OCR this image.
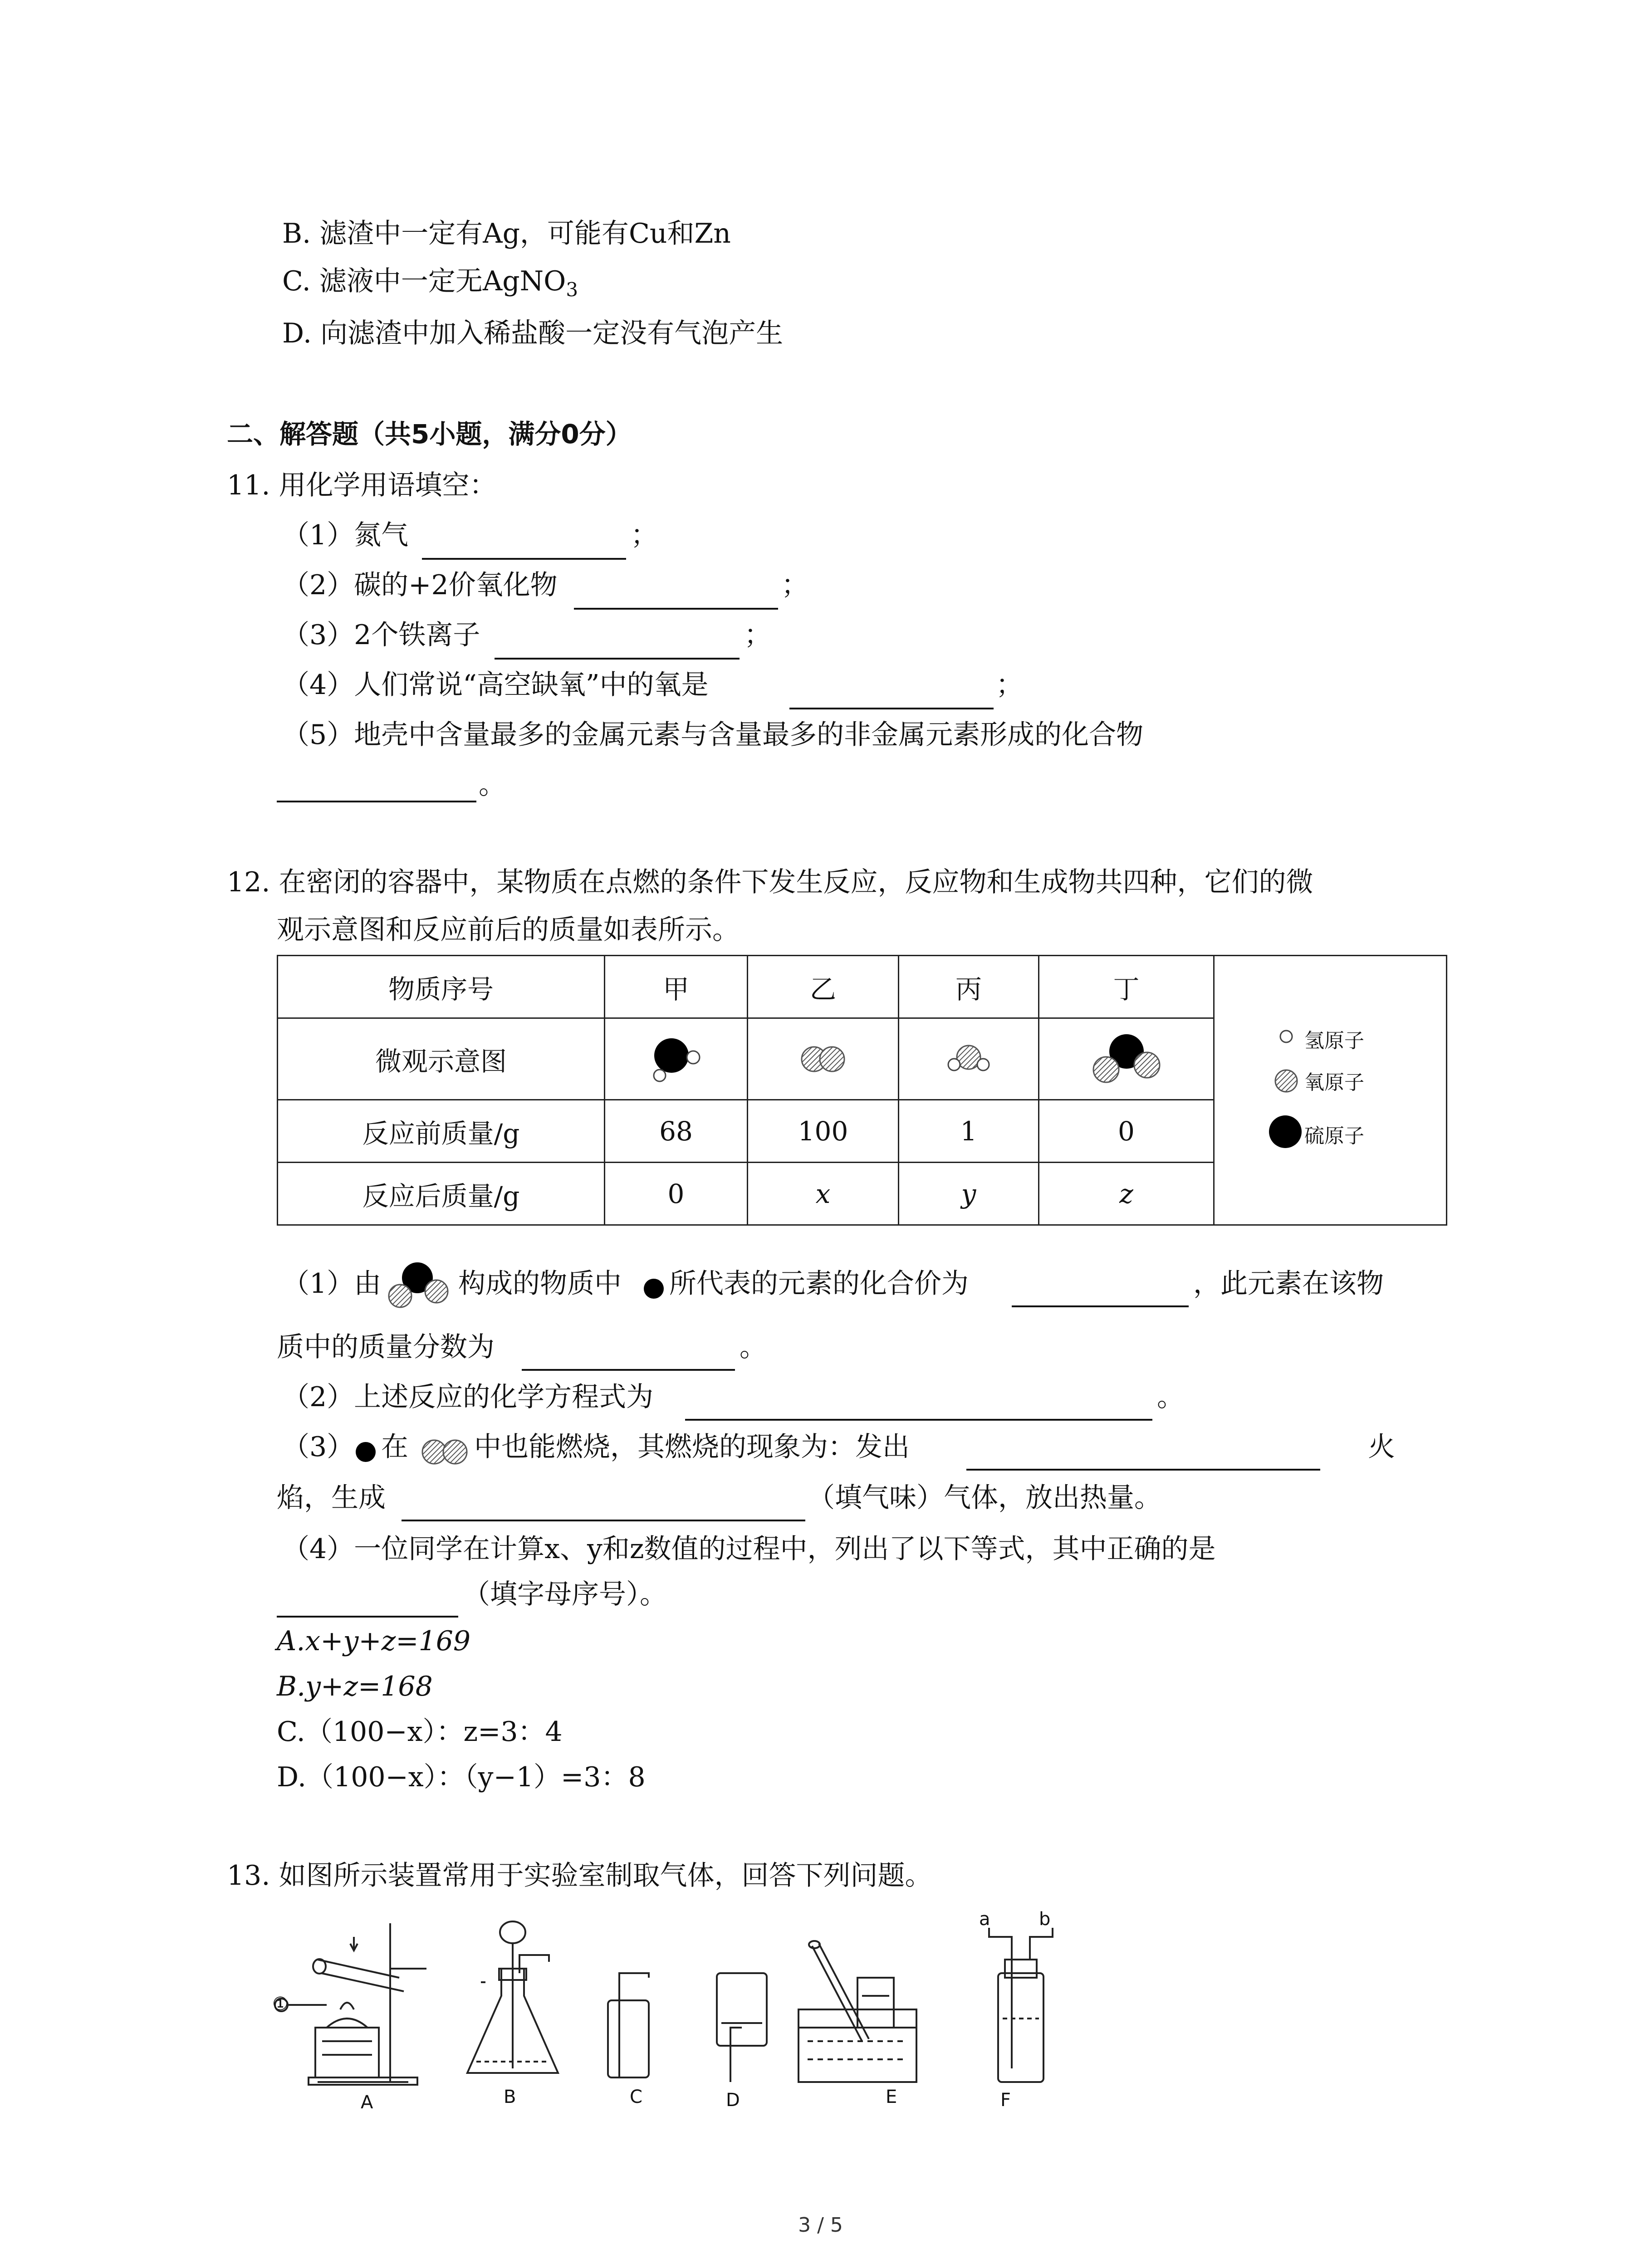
B. 滤渣中一定有Ag，可能有Cu和Zn
C. 滤液中一定无AgNO$_3$
D. 向滤渣中加入稀盐酸一定没有气泡产生
二、解答题（共5小题，满分0分）
11. 用化学用语填空：
（1）氮气	；
（2）碳的+2价氧化物	；
（3）2个铁离子	；
（4）人们常说“高空缺氧”中的氧是	；
（5）地壳中含量最多的金属元素与含量最多的非金属元素形成的化合物
。
12. 在密闭的容器中，某物质在点燃的条件下发生反应，反应物和生成物共四种，它们的微
观示意图和反应前后的质量如表所示。
物质序号	甲	乙	丙	丁	
微观示意图	

反应前质量/g	68	100	1	0	
反应后质量/g	0	x	y	z	
氢原子
氧原子
硫原子
（1）由	构成的物质中 所代表的元素的化合价为	，此元素在该物
质中的质量分数为	。
（2）上述反应的化学方程式为	。
（3） 在 中也能燃烧，其燃烧的现象为：发出	火
焰，生成	（填气味）气体，放出热量。
（4）一位同学在计算x、y和z数值的过程中，列出了以下等式，其中正确的是
（填字母序号）。
A.x+y+z=169
B.y+z=168
C.（100−x）：z=3：4
D.（100−x）：（y−1）=3：8
13. 如图所示装置常用于实验室制取气体，回答下列问题。
①
A	B	C	D	E	F
a	b
3 / 5
